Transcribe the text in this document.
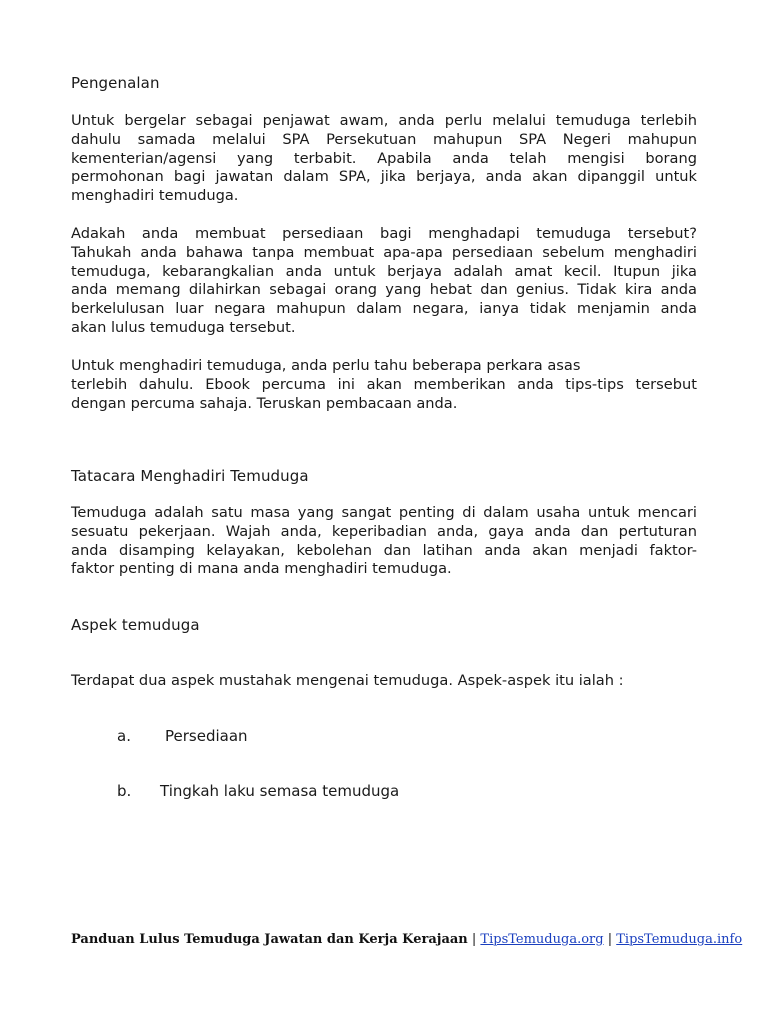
Pengenalan
Untuk bergelar sebagai penjawat awam, anda perlu melalui temuduga terlebih
dahulu samada melalui SPA Persekutuan mahupun SPA Negeri mahupun
kementerian/agensi yang terbabit. Apabila anda telah mengisi borang
permohonan bagi jawatan dalam SPA, jika berjaya, anda akan dipanggil untuk
menghadiri temuduga.
Adakah anda membuat persediaan bagi menghadapi temuduga tersebut?
Tahukah anda bahawa tanpa membuat apa-apa persediaan sebelum menghadiri
temuduga, kebarangkalian anda untuk berjaya adalah amat kecil. Itupun jika
anda memang dilahirkan sebagai orang yang hebat dan genius. Tidak kira anda
berkelulusan luar negara mahupun dalam negara, ianya tidak menjamin anda
akan lulus temuduga tersebut.
Untuk menghadiri temuduga, anda perlu tahu beberapa perkara asas
terlebih dahulu. Ebook percuma ini akan memberikan anda tips-tips tersebut
dengan percuma sahaja. Teruskan pembacaan anda.
Tatacara Menghadiri Temuduga
Temuduga adalah satu masa yang sangat penting di dalam usaha untuk mencari
sesuatu pekerjaan. Wajah anda, keperibadian anda, gaya anda dan pertuturan
anda disamping kelayakan, kebolehan dan latihan anda akan menjadi faktor-
faktor penting di mana anda menghadiri temuduga.
Aspek temuduga
Terdapat dua aspek mustahak mengenai temuduga. Aspek-aspek itu ialah :
a. Persediaan
b. Tingkah laku semasa temuduga
Panduan Lulus Temuduga Jawatan dan Kerja Kerajaan | TipsTemuduga.org | TipsTemuduga.info
